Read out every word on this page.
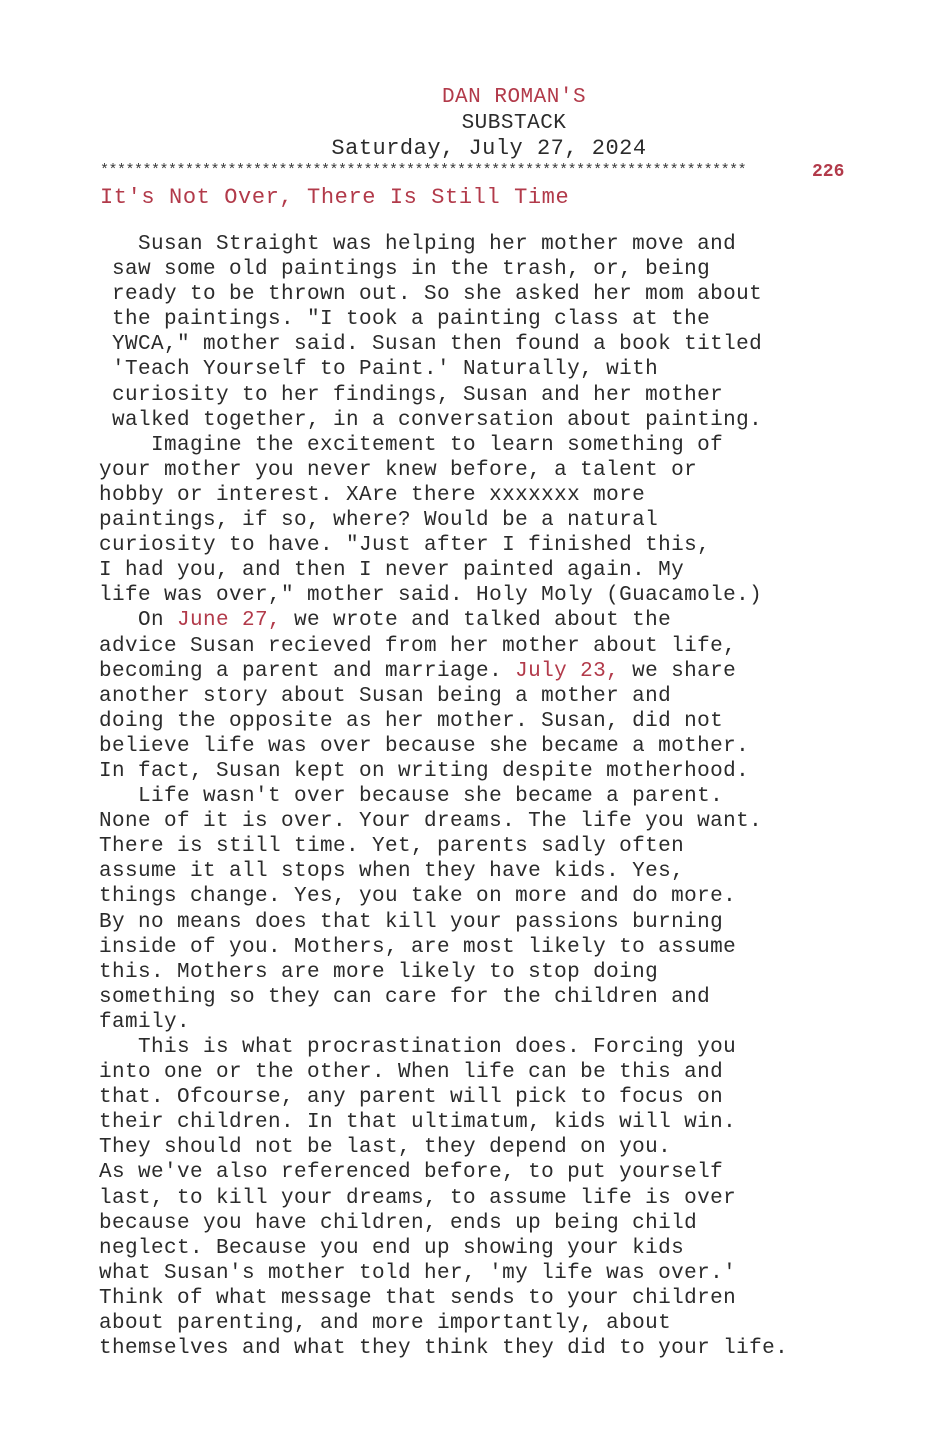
DAN ROMAN'S
SUBSTACK
Saturday, July 27, 2024
****************************************************************************	226
It's Not Over, There Is Still Time
Susan Straight was helping her mother move and
saw some old paintings in the trash, or, being
ready to be thrown out. So she asked her mom about
the paintings. "I took a painting class at the
YWCA," mother said. Susan then found a book titled
'Teach Yourself to Paint.' Naturally, with
curiosity to her findings, Susan and her mother
walked together, in a conversation about painting.
Imagine the excitement to learn something of
your mother you never knew before, a talent or
hobby or interest. XAre there xxxxxxx more
paintings, if so, where? Would be a natural
curiosity to have. "Just after I finished this,
I had you, and then I never painted again. My
life was over," mother said. Holy Moly (Guacamole.)
On June 27, we wrote and talked about the
advice Susan recieved from her mother about life,
becoming a parent and marriage. July 23, we share
another story about Susan being a mother and
doing the opposite as her mother. Susan, did not
believe life was over because she became a mother.
In fact, Susan kept on writing despite motherhood.
Life wasn't over because she became a parent.
None of it is over. Your dreams. The life you want.
There is still time. Yet, parents sadly often
assume it all stops when they have kids. Yes,
things change. Yes, you take on more and do more.
By no means does that kill your passions burning
inside of you. Mothers, are most likely to assume
this. Mothers are more likely to stop doing
something so they can care for the children and
family.
This is what procrastination does. Forcing you
into one or the other. When life can be this and
that. Ofcourse, any parent will pick to focus on
their children. In that ultimatum, kids will win.
They should not be last, they depend on you.
As we've also referenced before, to put yourself
last, to kill your dreams, to assume life is over
because you have children, ends up being child
neglect. Because you end up showing your kids
what Susan's mother told her, 'my life was over.'
Think of what message that sends to your children
about parenting, and more importantly, about
themselves and what they think they did to your life.
